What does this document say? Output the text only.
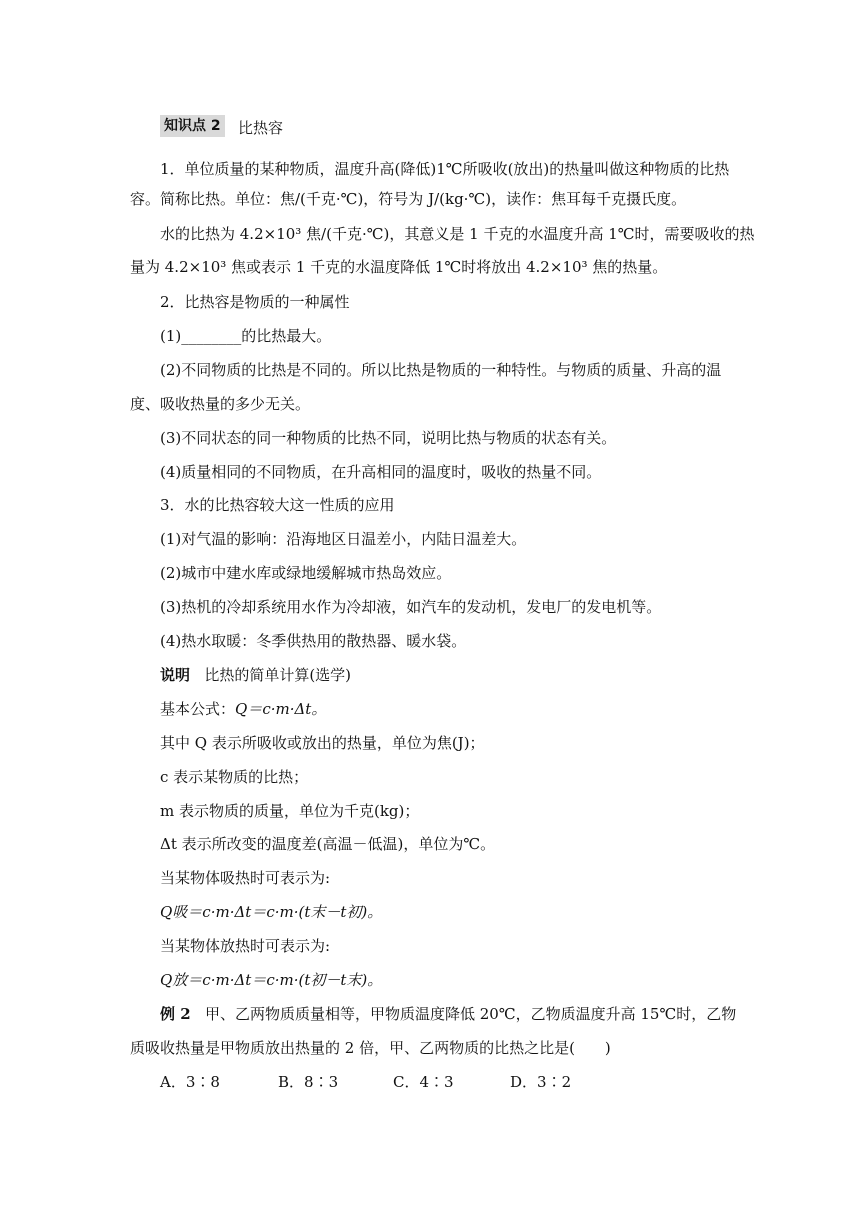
知识点 2 比热容
1．单位质量的某种物质，温度升高(降低)1℃所吸收(放出)的热量叫做这种物质的比热
容。简称比热。单位：焦/(千克·℃)，符号为 J/(kg·℃)，读作：焦耳每千克摄氏度。
水的比热为 4.2×10³ 焦/(千克·℃)，其意义是 1 千克的水温度升高 1℃时，需要吸收的热
量为 4.2×10³ 焦或表示 1 千克的水温度降低 1℃时将放出 4.2×10³ 焦的热量。
2．比热容是物质的一种属性
(1)________的比热最大。
(2)不同物质的比热是不同的。所以比热是物质的一种特性。与物质的质量、升高的温
度、吸收热量的多少无关。
(3)不同状态的同一种物质的比热不同，说明比热与物质的状态有关。
(4)质量相同的不同物质，在升高相同的温度时，吸收的热量不同。
3．水的比热容较大这一性质的应用
(1)对气温的影响：沿海地区日温差小，内陆日温差大。
(2)城市中建水库或绿地缓解城市热岛效应。
(3)热机的冷却系统用水作为冷却液，如汽车的发动机，发电厂的发电机等。
(4)热水取暖：冬季供热用的散热器、暖水袋。
说明 比热的简单计算(选学)
基本公式：Q＝c·m·Δt。
其中 Q 表示所吸收或放出的热量，单位为焦(J)；
c 表示某物质的比热；
m 表示物质的质量，单位为千克(kg)；
Δt 表示所改变的温度差(高温－低温)，单位为℃。
当某物体吸热时可表示为:
Q吸＝c·m·Δt＝c·m·(t末－t初)。
当某物体放热时可表示为:
Q放＝c·m·Δt＝c·m·(t初－t末)。
例 2 甲、乙两物质质量相等，甲物质温度降低 20℃，乙物质温度升高 15℃时，乙物
质吸收热量是甲物质放出热量的 2 倍，甲、乙两物质的比热之比是(　　)
A．3∶8	B．8∶3	C．4∶3	D．3∶2
